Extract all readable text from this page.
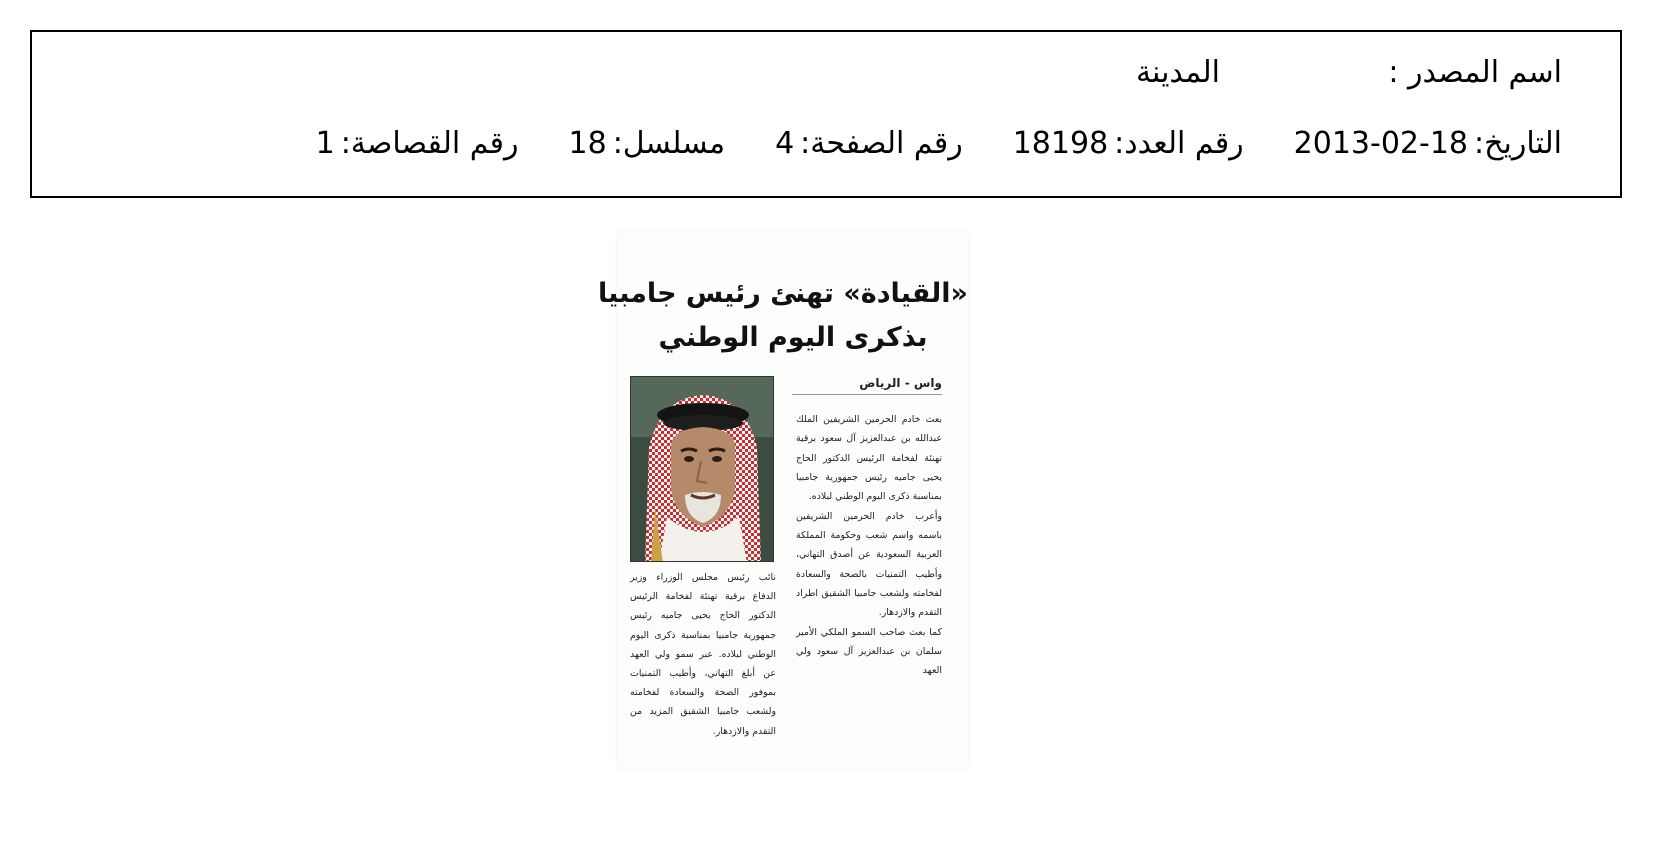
اسم المصدر :
المدينة
التاريخ:2013-02-18
رقم العدد:18198
رقم الصفحة:4
مسلسل:18
رقم القصاصة:1
«القيادة» تهنئ رئيس جامبيا
بذكرى اليوم الوطني
واس - الرياض

بعث خادم الحرمين الشريفين الملك عبدالله بن عبدالعزيز آل سعود برقية تهنئة لفخامة الرئيس الدكتور الحاج يحيى جاميه رئيس جمهورية جامبيا بمناسبة ذكرى اليوم الوطني لبلاده.

وأعرب خادم الحرمين الشريفين باسمه واسم شعب وحكومة المملكة العربية السعودية عن أصدق التهاني، وأطيب التمنيات بالصحة والسعادة لفخامته ولشعب جامبيا الشقيق اطراد التقدم والازدهار.

كما بعث صاحب السمو الملكي الأمير سلمان بن عبدالعزيز آل سعود ولي العهد

نائب رئيس مجلس الوزراء وزير الدفاع برقية تهنئة لفخامة الرئيس الدكتور الحاج يحيى جاميه رئيس جمهورية جامبيا بمناسبة ذكرى اليوم الوطني لبلاده. عبر سمو ولي العهد عن أبلغ التهاني، وأطيب التمنيات بموفور الصحة والسعادة لفخامته ولشعب جامبيا الشقيق المزيد من التقدم والازدهار.
